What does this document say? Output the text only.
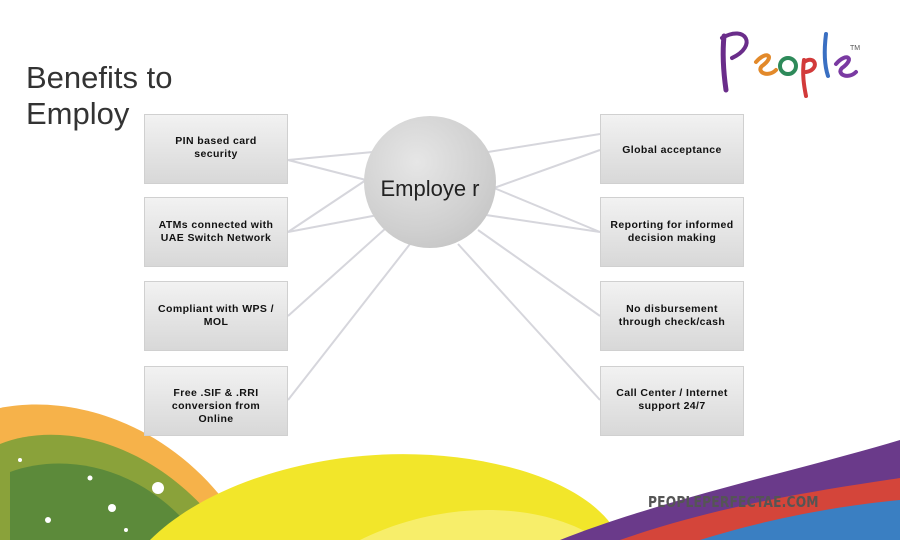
Benefits to Employ
PIN based card security
ATMs connected with UAE Switch Network
Compliant with WPS / MOL
Free .SIF & .RRI conversion from Online
Global acceptance
Reporting for informed decision making
No disbursement through check/cash
Call Center / Internet support 24/7
Employe r
TM
PEOPLEPERFECTAE.COM
